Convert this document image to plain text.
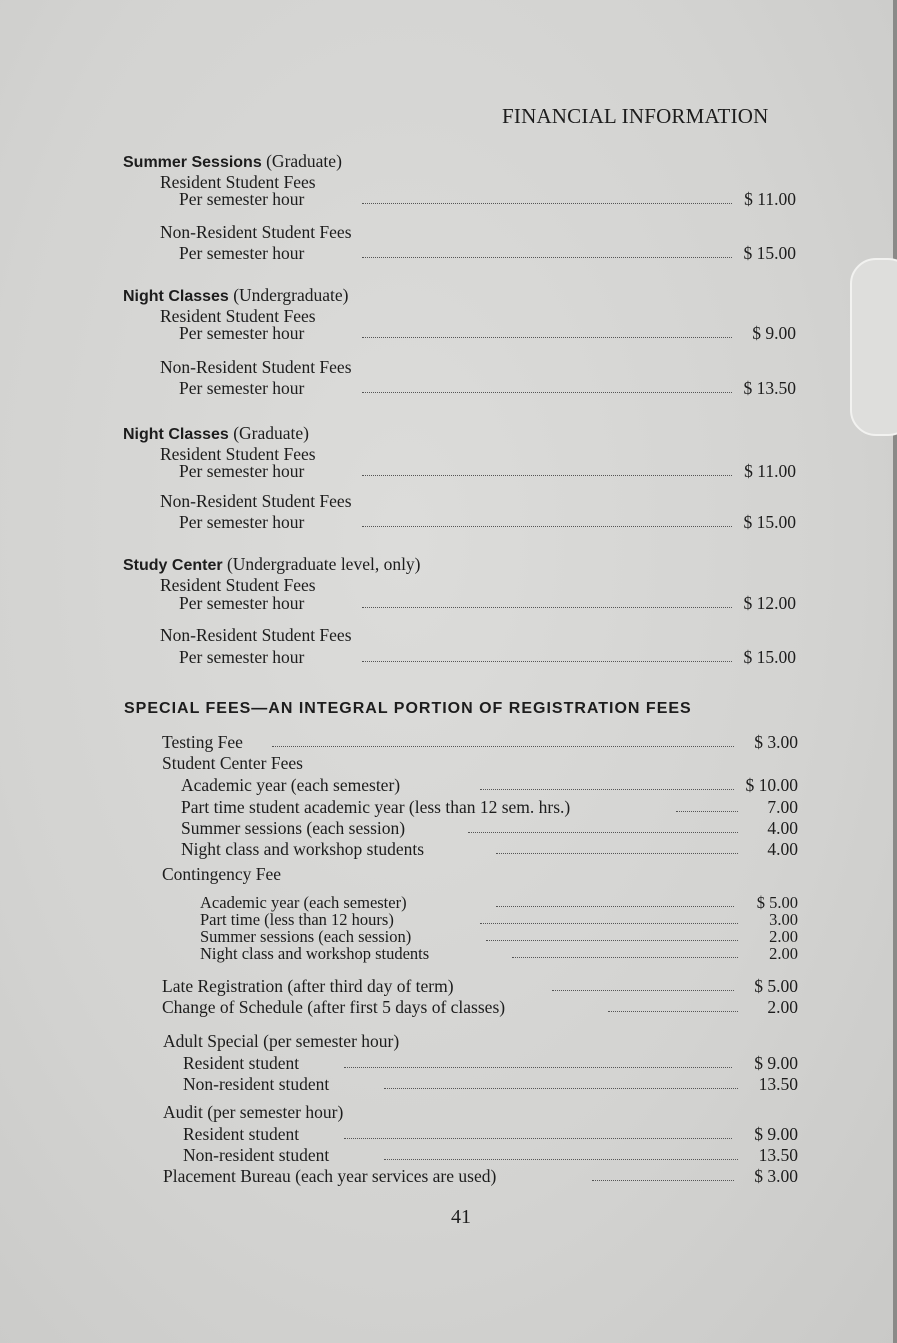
FINANCIAL INFORMATION
Summer Sessions (Graduate)
Resident Student Fees
Per semester hour	$ 11.00
Non-Resident Student Fees
Per semester hour	$ 15.00
Night Classes (Undergraduate)
Resident Student Fees
Per semester hour	$ 9.00
Non-Resident Student Fees
Per semester hour	$ 13.50
Night Classes (Graduate)
Resident Student Fees
Per semester hour	$ 11.00
Non-Resident Student Fees
Per semester hour	$ 15.00
Study Center (Undergraduate level, only)
Resident Student Fees
Per semester hour	$ 12.00
Non-Resident Student Fees
Per semester hour	$ 15.00
SPECIAL FEES—AN INTEGRAL PORTION OF REGISTRATION FEES
Testing Fee	$ 3.00
Student Center Fees
Academic year (each semester)	$ 10.00
Part time student academic year (less than 12 sem. hrs.)	7.00
Summer sessions (each session)	4.00
Night class and workshop students	4.00
Contingency Fee
Academic year (each semester)	$ 5.00
Part time (less than 12 hours)	3.00
Summer sessions (each session)	2.00
Night class and workshop students	2.00
Late Registration (after third day of term)	$ 5.00
Change of Schedule (after first 5 days of classes)	2.00
Adult Special (per semester hour)
Resident student	$ 9.00
Non-resident student	13.50
Audit (per semester hour)
Resident student	$ 9.00
Non-resident student	13.50
Placement Bureau (each year services are used)	$ 3.00
41
